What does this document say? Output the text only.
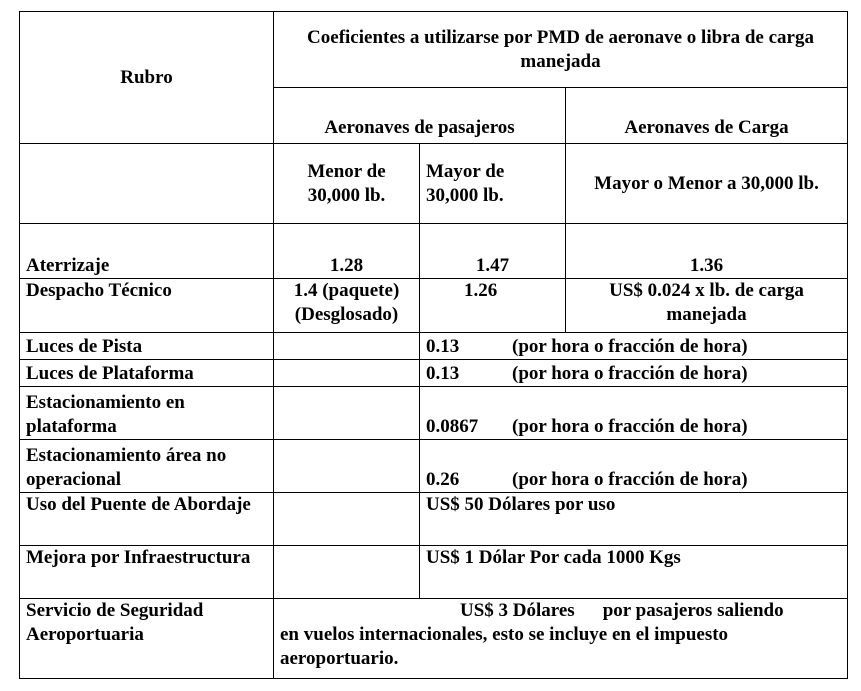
Rubro	Coeficientes a utilizarse por PMD de aeronave o libra de carga manejada		
	Aeronaves de pasajeros		Aeronaves de Carga
	Menor de 30,000 lb.	Mayor de 30,000 lb.	Mayor o Menor a 30,000 lb.
Aterrizaje	1.28	1.47	1.36
Despacho Técnico	1.4 (paquete) (Desglosado)	1.26	US$ 0.024 x lb. de carga manejada
Luces de Pista		0.13 (por hora o fracción de hora)	
Luces de Plataforma		0.13 (por hora o fracción de hora)	
Estacionamiento en plataforma		0.0867 (por hora o fracción de hora)	
Estacionamiento área no operacional		0.26 (por hora o fracción de hora)	
Uso del Puente de Abordaje		US$ 50 Dólares por uso	
Mejora por Infraestructura		US$ 1 Dólar Por cada 1000 Kgs	
Servicio de Seguridad Aeroportuaria	US$ 3 Dólares por pasajeros saliendo
en vuelos internacionales, esto se incluye en el impuesto aeroportuario.		
